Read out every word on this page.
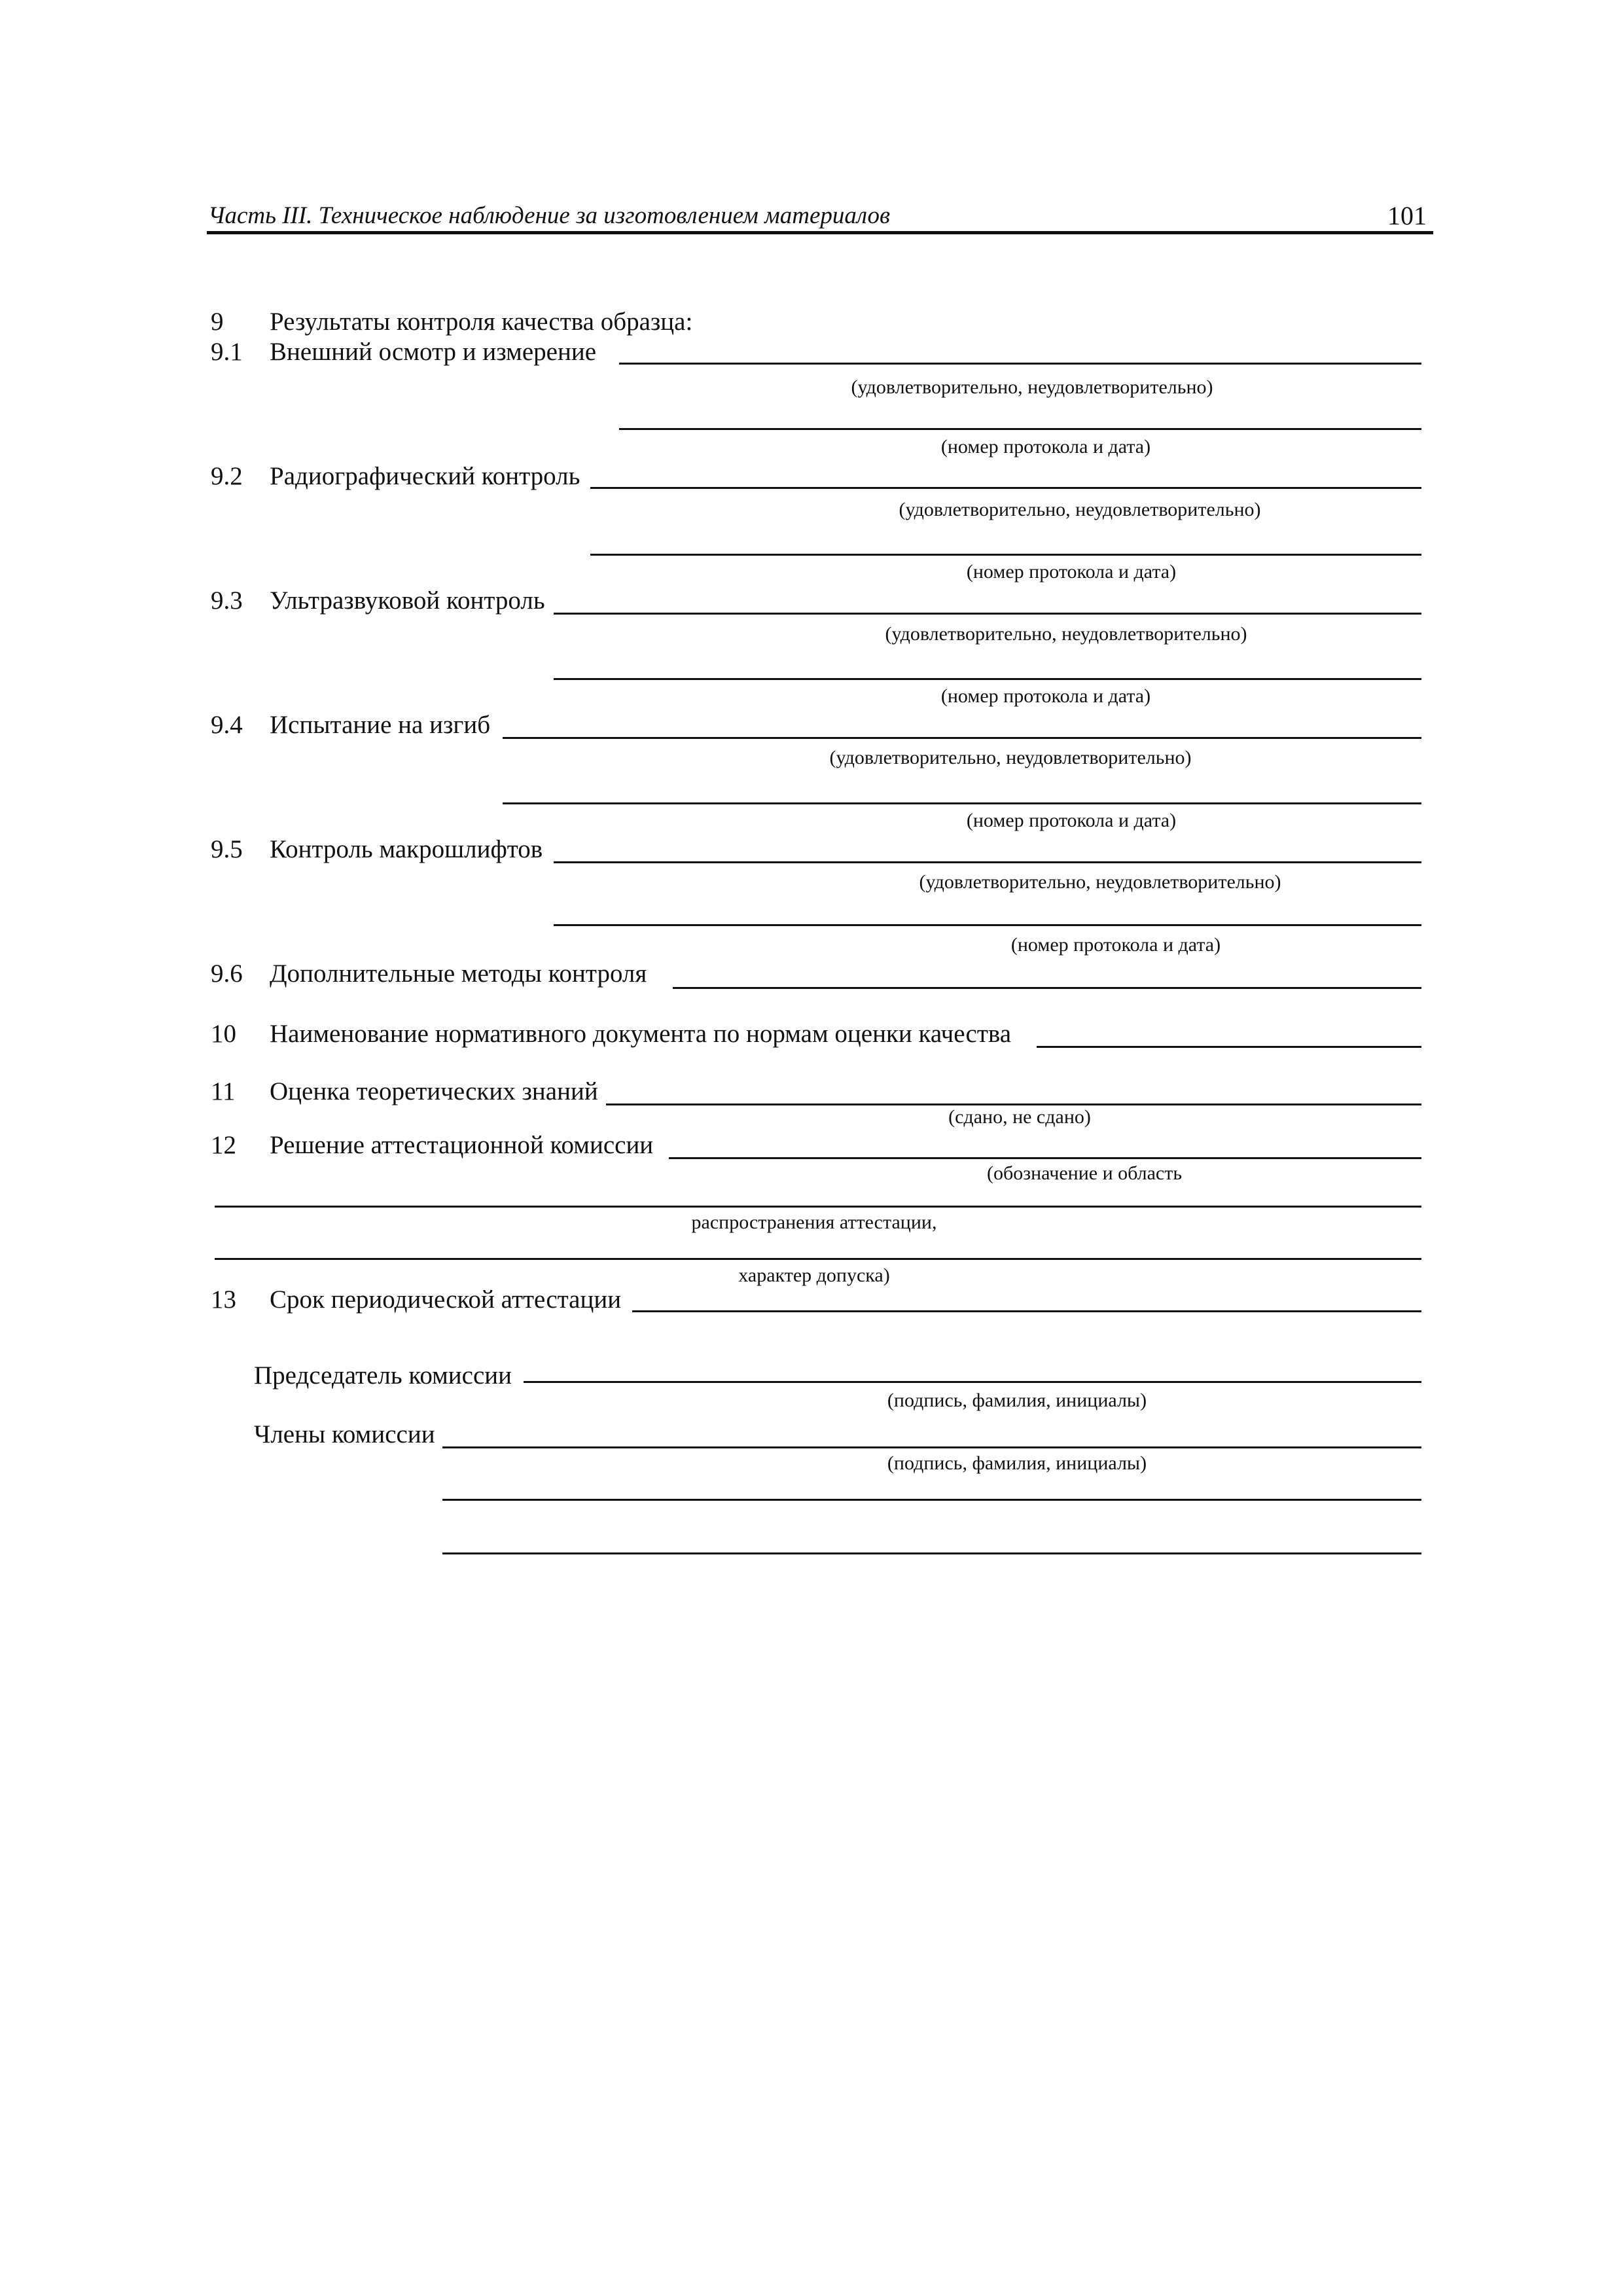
Часть III. Техническое наблюдение за изготовлением материалов	101
9 Результаты контроля качества образца:
9.1 Внешний осмотр и измерение
(удовлетворительно, неудовлетворительно)
(номер протокола и дата)
9.2 Радиографический контроль
(удовлетворительно, неудовлетворительно)
(номер протокола и дата)
9.3 Ультразвуковой контроль
(удовлетворительно, неудовлетворительно)
(номер протокола и дата)
9.4 Испытание на изгиб
(удовлетворительно, неудовлетворительно)
(номер протокола и дата)
9.5 Контроль макрошлифтов
(удовлетворительно, неудовлетворительно)
(номер протокола и дата)
9.6 Дополнительные методы контроля
10 Наименование нормативного документа по нормам оценки качества
11 Оценка теоретических знаний
(сдано, не сдано)
12 Решение аттестационной комиссии
(обозначение и область
распространения аттестации,
характер допуска)
13 Срок периодической аттестации
Председатель комиссии
(подпись, фамилия, инициалы)
Члены комиссии
(подпись, фамилия, инициалы)
